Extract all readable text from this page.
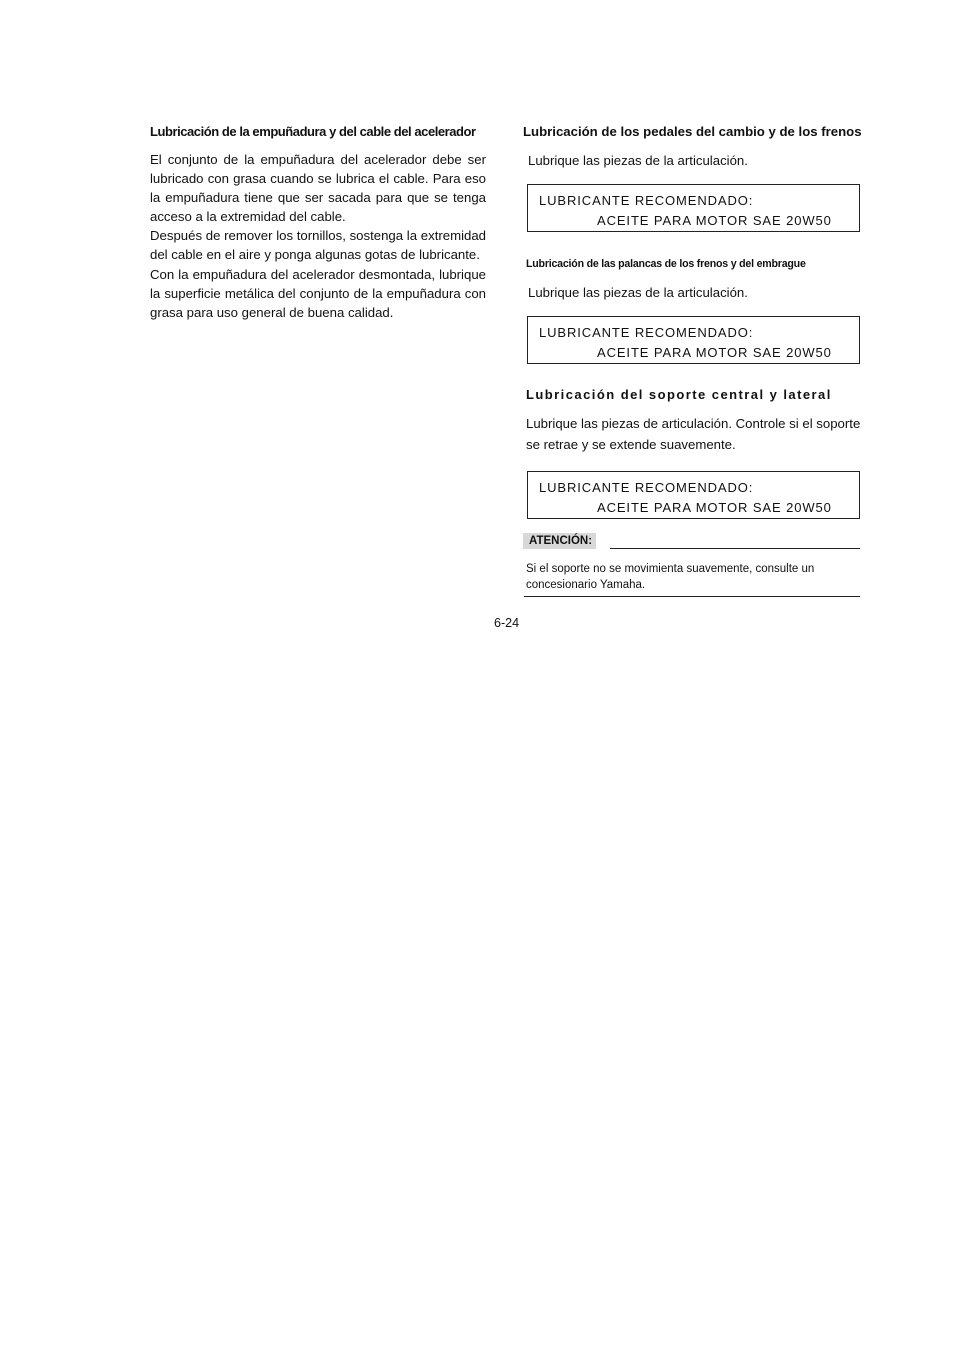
Lubricación de la empuñadura y del cable del acelerador

El conjunto de la empuñadura del acelerador debe ser lubricado con grasa cuando se lubrica el cable. Para eso la empuñadura tiene que ser sacada para que se tenga acceso a la extremidad del cable.

Después de remover los tornillos, sostenga la extremidad del cable en el aire y ponga algunas gotas de lubricante.

Con la empuñadura del acelerador desmontada, lubrique la superficie metálica del conjunto de la empuñadura con grasa para uso general de buena calidad.

Lubricación de los pedales del cambio y de los frenos
Lubrique las piezas de la articulación.
LUBRICANTE RECOMENDADO:
ACEITE PARA MOTOR SAE 20W50
Lubricación de las palancas de los frenos y del embrague
Lubrique las piezas de la articulación.
LUBRICANTE RECOMENDADO:
ACEITE PARA MOTOR SAE 20W50
Lubricación del soporte central y lateral
Lubrique las piezas de articulación. Controle si el soporte se retrae y se extende suavemente.
LUBRICANTE RECOMENDADO:
ACEITE PARA MOTOR SAE 20W50
ATENCIÓN:
Si el soporte no se movimienta suavemente, consulte un concesionario Yamaha.
6-24
